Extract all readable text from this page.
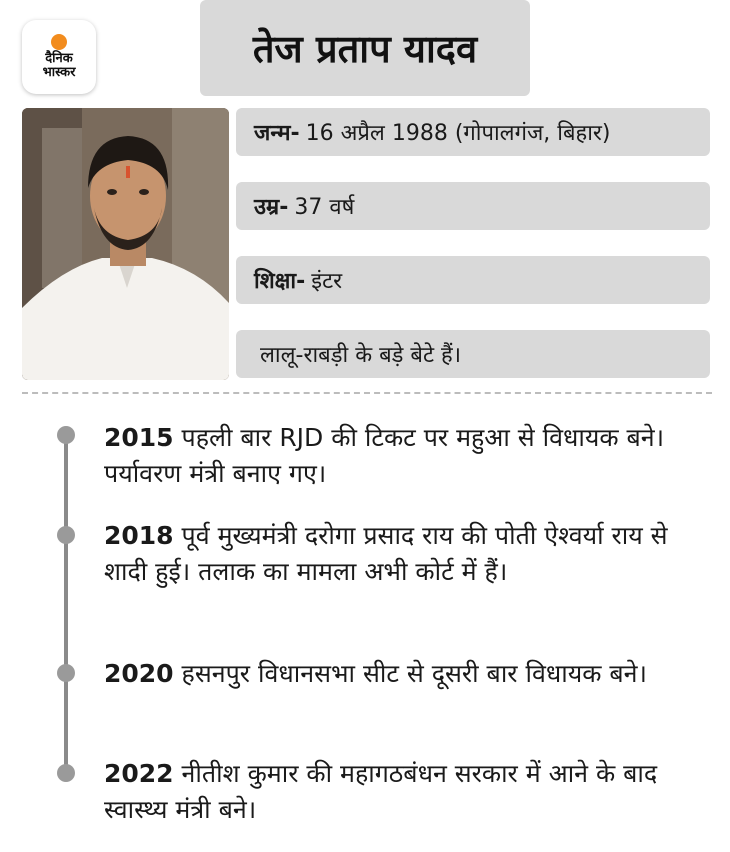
दैनिक
भास्कर
तेज प्रताप यादव
जन्म- 16 अप्रैल 1988 (गोपालगंज, बिहार)
उम्र- 37 वर्ष
शिक्षा- इंटर
लालू-राबड़ी के बड़े बेटे हैं।
2015 पहली बार RJD की टिकट पर महुआ से विधायक बने। पर्यावरण मंत्री बनाए गए।
2018 पूर्व मुख्यमंत्री दरोगा प्रसाद राय की पोती ऐश्वर्या राय से शादी हुई। तलाक का मामला अभी कोर्ट में हैं।
2020 हसनपुर विधानसभा सीट से दूसरी बार विधायक बने।
2022 नीतीश कुमार की महागठबंधन सरकार में आने के बाद स्वास्थ्य मंत्री बने।
